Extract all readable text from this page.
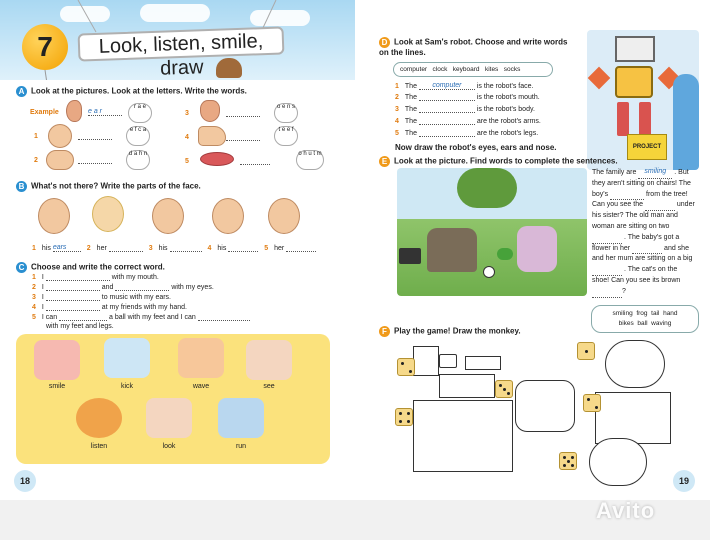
7	Look, listen, smile, draw
A Look at the pictures. Look at the letters. Write the words.
Example	e a r
r a e
1
e f c a
2
d a h n
3
o e n s
4
t e e f
5
o h u t m
B What's not there? Write the parts of the face.
1 his ears	2 her	3 his	4 his	5 her
C Choose and write the correct word.
1 I	with my mouth.
2 I	and	with my eyes.
3 I	to music with my ears.
4 I	at my friends with my hand.
5 I can	a ball with my feet and I can
with my feet and legs.
smile	kick	wave	see
listen	look	run
18
D Look at Sam's robot. Choose and write words on the lines.
computer clock keyboard kites socks
1 The computer is the robot's face.
2 The	is the robot's mouth.
3 The	is the robot's body.
4 The	are the robot's arms.
5 The	are the robot's legs.
Now draw the robot's eyes, ears and nose.	PROJECT
E Look at the picture. Find words to complete the sentences.
The family are smiling . But they aren't sitting on chairs! The boy's	from the tree! Can you see the	under his sister? The old man and woman are sitting on two  . The baby's got a flower in her	and she and her mum are sitting on a big  . The cat's on the shoe! Can you see its brown ?
smiling frog tail hand
bikes ball waving
F Play the game! Draw the monkey.
19
Avito
